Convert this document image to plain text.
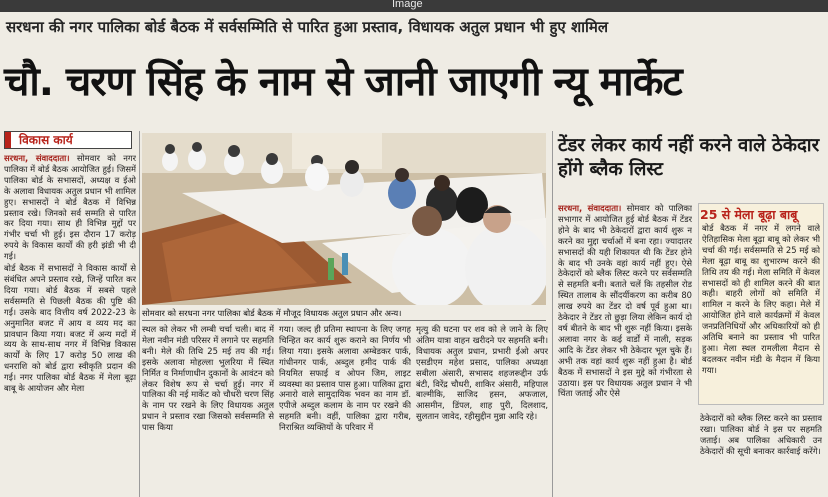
Image
सरधना की नगर पालिका बोर्ड बैठक में सर्वसम्मिति से पारित हुआ प्रस्ताव, विधायक अतुल प्रधान भी हुए शामिल
चौ. चरण सिंह के नाम से जानी जाएगी न्यू मार्केट
विकास कार्य

सरधना, संवाददाता। सोमवार को नगर पालिका में बोर्ड बैठक आयोजित हुई। जिसमें पालिका बोर्ड के सभासदों, अध्यक्ष व ईओ के अलावा विधायक अतुल प्रधान भी शामिल हुए। सभासदों ने बोर्ड बैठक में विभिन्न प्रस्ताव रखे। जिनको सर्व सम्मति से पारित कर दिया गया। साथ ही विभिन्न मुद्दों पर गंभीर चर्चा भी हुई। इस दौरान 17 करोड़ रुपये के विकास कार्यों की हरी झंडी भी दी गई।

बोर्ड बैठक में सभासदों ने विकास कार्यों से संबंधित अपने प्रस्ताव रखे, जिन्हें पारित कर दिया गया। बोर्ड बैठक में सबसे पहले सर्वसम्मति से पिछली बैठक की पुष्टि की गई। उसके बाद वित्तीय वर्ष 2022-23 के अनुमानित बजट में आय व व्यय मद का प्रावधान किया गया। बजट में अन्य मदों में व्यय के साथ-साथ नगर में विभिन्न विकास कार्यों के लिए 17 करोड़ 50 लाख की धनराशि को बोर्ड द्वारा स्वीकृति प्रदान की गई। नगर पालिका बोर्ड बैठक में मेला बूढ़ा बाबू के आयोजन और मेला

सोमवार को सरधना नगर पालिका बोर्ड बैठक में मौजूद विधायक अतुल प्रधान और अन्य।
स्थल को लेकर भी लम्बी चर्चा चली। बाद में मेला नवीन मंडी परिसर में लगाने पर सहमति बनी। मेले की तिथि 25 मई तय की गई। इसके अलावा मोहल्ला भुलरिया में स्थित निर्मित व निर्माणाधीन दुकानों के आवंटन को लेकर विशेष रूप से चर्चा हुई। नगर में पालिका की नई मार्केट को चौधरी चरण सिंह के नाम पर रखने के लिए विधायक अतुल प्रधान ने प्रस्ताव रखा जिसको सर्वसम्मति से पास किया
गया। जल्द ही प्रतिमा स्थापना के लिए जगह चिन्हित कर कार्य शुरू कराने का निर्णय भी लिया गया। इसके अलावा अम्बेडकर पार्क, गांधीनगर पार्क, अब्दुल हमीद पार्क की नियमित सफाई व ओपन जिम, लाइट व्यवस्था का प्रस्ताव पास हुआ। पालिका द्वारा अनारो वाले सामुदायिक भवन का नाम डॉ. एपीजे अब्दुल कलाम के नाम पर रखने की सहमति बनी। वहीं, पालिका द्वारा गरीब, निराश्रित व्यक्तियों के परिवार में
मृत्यु की घटना पर शव को ले जाने के लिए अंतिम यात्रा वाहन खरीदने पर सहमति बनी। विधायक अतुल प्रधान, प्रभारी ईओ अपर एसडीएम महेश प्रसाद, पालिका अध्यक्षा सबीला अंसारी, सभासद शहजरूद्दीन उर्फ बंटी, विरेंद्र चौधरी, शाकिर अंसारी, महिपाल बाल्मीकि, साजिद हसन, अफजाल, आसमीन, डिंपल, शाह पुरी, दिलशाद, सुलतान जावेद, रहीसुद्दीन मुन्ना आदि रहे।
टेंडर लेकर कार्य नहीं करने वाले ठेकेदार होंगे ब्लैक लिस्ट

सरधना, संवाददाता। सोमवार को पालिका सभागार में आयोजित हुई बोर्ड बैठक में टेंडर होने के बाद भी ठेकेदारों द्वारा कार्य शुरू न करने का मुद्दा चर्चाओं में बना रहा। ज्यादातर सभासदों की यही शिकायत थी कि टेंडर होने के बाद भी उनके वहां कार्य नहीं हुए। ऐसे ठेकेदारों को ब्लैक लिस्ट करने पर सर्वसम्मति से सहमति बनी। बताते चलें कि तहसील रोड स्थित तालाब के सौंदर्यीकरण का करीब 80 लाख रुपये का टेंडर दो वर्ष पूर्व हुआ था। ठेकेदार ने टेंडर तो छुड़ा लिया लेकिन कार्य दो वर्ष बीतने के बाद भी शुरू नहीं किया। इसके अलावा नगर के कई वार्डों में नाली, सड़क आदि के टेंडर लेकर भी ठेकेदार भूल चुके हैं। अभी तक वहां कार्य शुरू नहीं हुआ है। बोर्ड बैठक में सभासदों ने इस मुद्दे को गंभीरता से उठाया। इस पर विधायक अतुल प्रधान ने भी चिंता जताई और ऐसे

25 से मेला बूढ़ा बाबू
बोर्ड बैठक में नगर में लगने वाले ऐतिहासिक मेला बूढ़ा बाबू को लेकर भी चर्चा की गई। सर्वसम्मति से 25 मई को मेला बूढ़ा बाबू का शुभारम्भ करने की तिथि तय की गई। मेला समिति में केवल सभासदों को ही शामिल करने की बात कही। बाहरी लोगों को समिति में शामिल न करने के लिए कहा। मेले में आयोजित होने वाले कार्यक्रमों में केवल जनप्रतिनिधियों और अधिकारियों को ही अतिथि बनाने का प्रस्ताव भी पारित हुआ। मेला स्थल रामलीला मैदान से बदलकर नवीन मंडी के मैदान में किया गया।
ठेकेदारों को ब्लैक लिस्ट करने का प्रस्ताव रखा। पालिका बोर्ड ने इस पर सहमति जताई। अब पालिका अधिकारी उन ठेकेदारों की सूची बनाकर कार्रवाई करेंगे।
